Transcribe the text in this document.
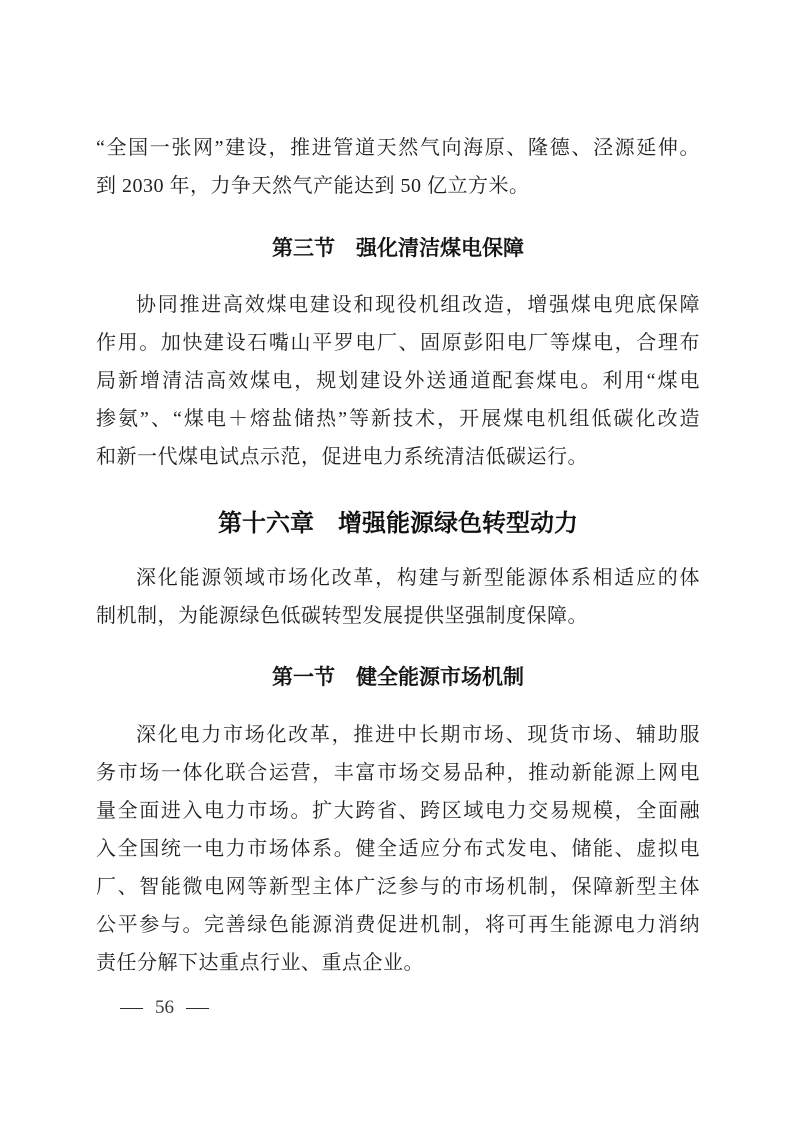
“全国一张网”建设，推进管道天然气向海原、隆德、泾源延伸。
到 2030 年，力争天然气产能达到 50 亿立方米。
第三节　强化清洁煤电保障
协同推进高效煤电建设和现役机组改造，增强煤电兜底保障
作用。加快建设石嘴山平罗电厂、固原彭阳电厂等煤电，合理布
局新增清洁高效煤电，规划建设外送通道配套煤电。利用“煤电
掺氨”、“煤电＋熔盐储热”等新技术，开展煤电机组低碳化改造
和新一代煤电试点示范，促进电力系统清洁低碳运行。
第十六章　增强能源绿色转型动力
深化能源领域市场化改革，构建与新型能源体系相适应的体
制机制，为能源绿色低碳转型发展提供坚强制度保障。
第一节　健全能源市场机制
深化电力市场化改革，推进中长期市场、现货市场、辅助服
务市场一体化联合运营，丰富市场交易品种，推动新能源上网电
量全面进入电力市场。扩大跨省、跨区域电力交易规模，全面融
入全国统一电力市场体系。健全适应分布式发电、储能、虚拟电
厂、智能微电网等新型主体广泛参与的市场机制，保障新型主体
公平参与。完善绿色能源消费促进机制，将可再生能源电力消纳
责任分解下达重点行业、重点企业。
— 56 —
